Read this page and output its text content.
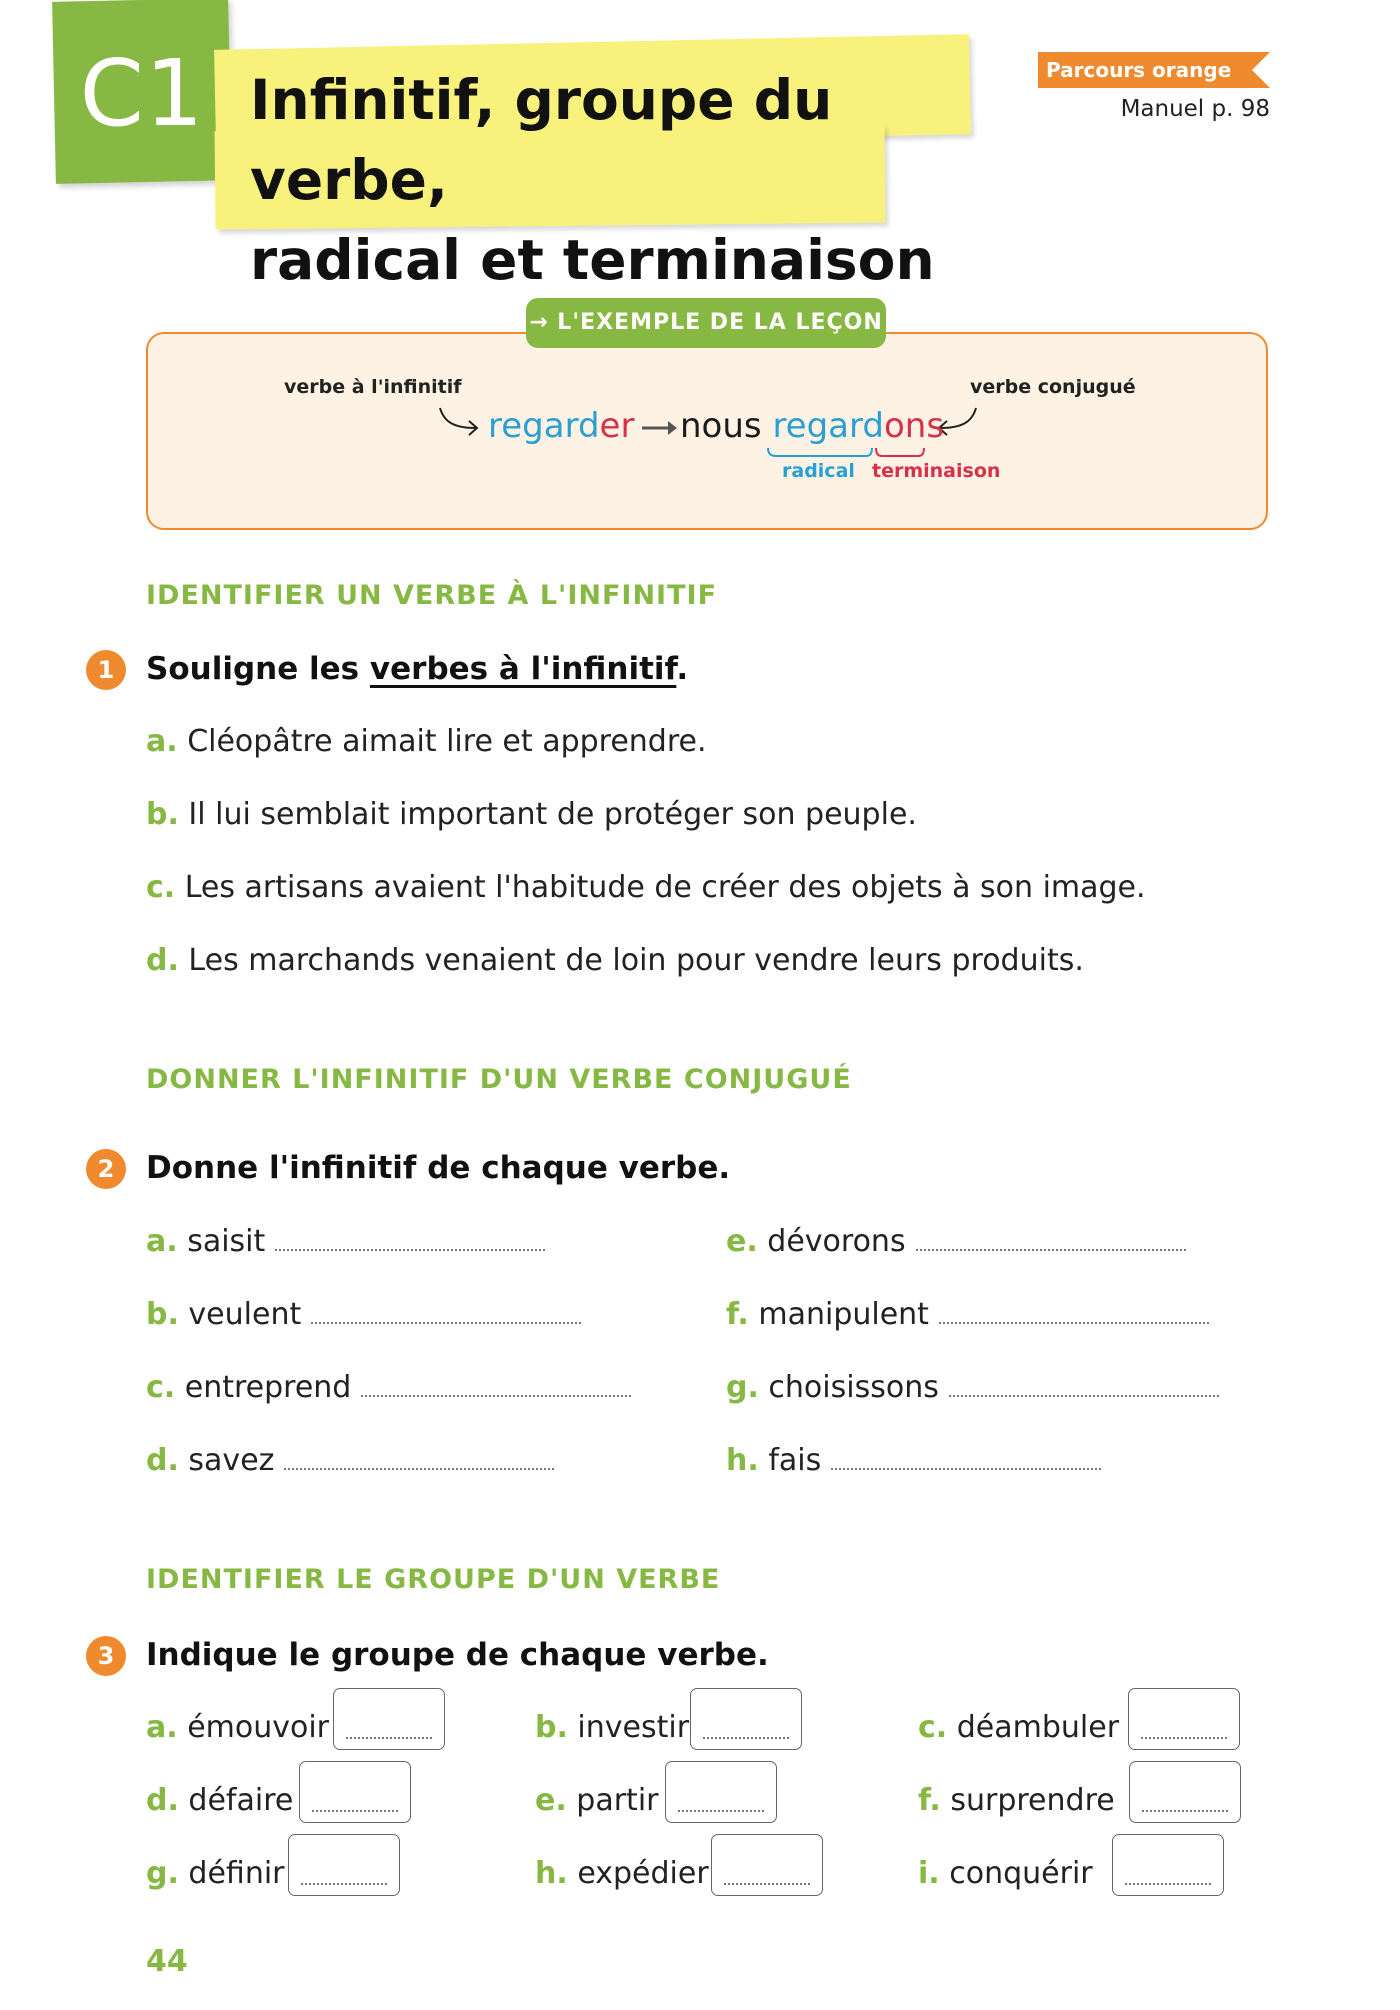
C1 Infinitif, groupe du verbe,
radical et terminaison
Parcours orange
Manuel p. 98
→ L'EXEMPLE DE LA LEÇON
verbe à l'infinitif	verbe conjugué
regarder nous regardons
radical terminaison
IDENTIFIER UN VERBE À L'INFINITIF
1	Souligne les verbes à l'infinitif.
a. Cléopâtre aimait lire et apprendre.
b. Il lui semblait important de protéger son peuple.
c. Les artisans avaient l'habitude de créer des objets à son image.
d. Les marchands venaient de loin pour vendre leurs produits.
DONNER L'INFINITIF D'UN VERBE CONJUGUÉ
2	Donne l'infinitif de chaque verbe.
a. saisit
b. veulent
c. entreprend
d. savez
e. dévorons
f. manipulent
g. choisissons
h. fais
IDENTIFIER LE GROUPE D'UN VERBE
3	Indique le groupe de chaque verbe.
a. émouvoir	b. investir	c. déambuler
d. défaire	e. partir	f. surprendre
g. définir	h. expédier	i. conquérir
44
